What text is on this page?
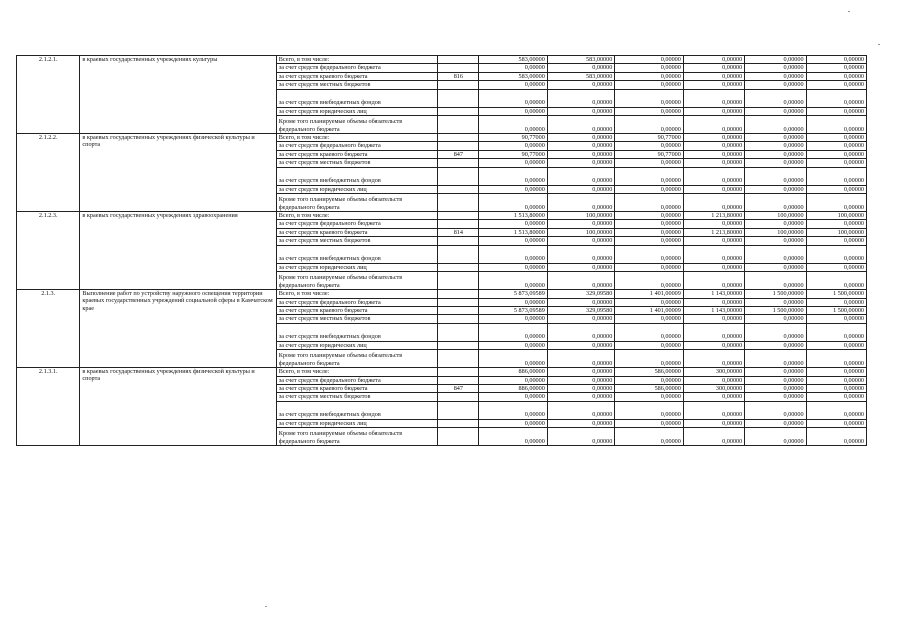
2.1.2.1.	в краевых государственных учреждениях культуры	Всего, в том числе:		583,00000	583,00000	0,00000	0,00000	0,00000	0,00000
		за счет средств федерального бюджета		0,00000	0,00000	0,00000	0,00000	0,00000	0,00000
		за счет средств краевого бюджета	816	583,00000	583,00000	0,00000	0,00000	0,00000	0,00000
		за счет средств местных бюджетов		0,00000	0,00000	0,00000	0,00000	0,00000	0,00000
		за счет средств внебюджетных фондов		0,00000	0,00000	0,00000	0,00000	0,00000	0,00000
		за счет средств юридических лиц		0,00000	0,00000	0,00000	0,00000	0,00000	0,00000
		Кроме того планируемые объемы обязательств федерального бюджета		0,00000	0,00000	0,00000	0,00000	0,00000	0,00000
2.1.2.2.	в краевых государственных учреждениях физической культуры и спорта	Всего, в том числе:		90,77000	0,00000	90,77000	0,00000	0,00000	0,00000
		за счет средств федерального бюджета		0,00000	0,00000	0,00000	0,00000	0,00000	0,00000
		за счет средств краевого бюджета	847	90,77000	0,00000	90,77000	0,00000	0,00000	0,00000
		за счет средств местных бюджетов		0,00000	0,00000	0,00000	0,00000	0,00000	0,00000
		за счет средств внебюджетных фондов		0,00000	0,00000	0,00000	0,00000	0,00000	0,00000
		за счет средств юридических лиц		0,00000	0,00000	0,00000	0,00000	0,00000	0,00000
		Кроме того планируемые объемы обязательств федерального бюджета		0,00000	0,00000	0,00000	0,00000	0,00000	0,00000
2.1.2.3.	в краевых государственных учреждениях здравоохранения	Всего, в том числе:		1 513,80000	100,00000	0,00000	1 213,80000	100,00000	100,00000
		за счет средств федерального бюджета		0,00000	0,00000	0,00000	0,00000	0,00000	0,00000
		за счет средств краевого бюджета	814	1 513,80000	100,00000	0,00000	1 213,80000	100,00000	100,00000
		за счет средств местных бюджетов		0,00000	0,00000	0,00000	0,00000	0,00000	0,00000
		за счет средств внебюджетных фондов		0,00000	0,00000	0,00000	0,00000	0,00000	0,00000
		за счет средств юридических лиц		0,00000	0,00000	0,00000	0,00000	0,00000	0,00000
		Кроме того планируемые объемы обязательств федерального бюджета		0,00000	0,00000	0,00000	0,00000	0,00000	0,00000
2.1.3.	Выполнение работ по устройству наружного освещения территории краевых государственных учреждений социальной сферы в Камчатском крае	Всего, в том числе:		5 873,09589	329,09580	1 401,00009	1 143,00000	1 500,00000	1 500,00000
		за счет средств федерального бюджета		0,00000	0,00000	0,00000	0,00000	0,00000	0,00000
		за счет средств краевого бюджета		5 873,09589	329,09580	1 401,00009	1 143,00000	1 500,00000	1 500,00000
		за счет средств местных бюджетов		0,00000	0,00000	0,00000	0,00000	0,00000	0,00000
		за счет средств внебюджетных фондов		0,00000	0,00000	0,00000	0,00000	0,00000	0,00000
		за счет средств юридических лиц		0,00000	0,00000	0,00000	0,00000	0,00000	0,00000
		Кроме того планируемые объемы обязательств федерального бюджета		0,00000	0,00000	0,00000	0,00000	0,00000	0,00000
2.1.3.1.	в краевых государственных учреждениях физической культуры и спорта	Всего, в том числе:		886,00000	0,00000	586,00000	300,00000	0,00000	0,00000
		за счет средств федерального бюджета		0,00000	0,00000	0,00000	0,00000	0,00000	0,00000
		за счет средств краевого бюджета	847	886,00000	0,00000	586,00000	300,00000	0,00000	0,00000
		за счет средств местных бюджетов		0,00000	0,00000	0,00000	0,00000	0,00000	0,00000
		за счет средств внебюджетных фондов		0,00000	0,00000	0,00000	0,00000	0,00000	0,00000
		за счет средств юридических лиц		0,00000	0,00000	0,00000	0,00000	0,00000	0,00000
		Кроме того планируемые объемы обязательств федерального бюджета		0,00000	0,00000	0,00000	0,00000	0,00000	0,00000
